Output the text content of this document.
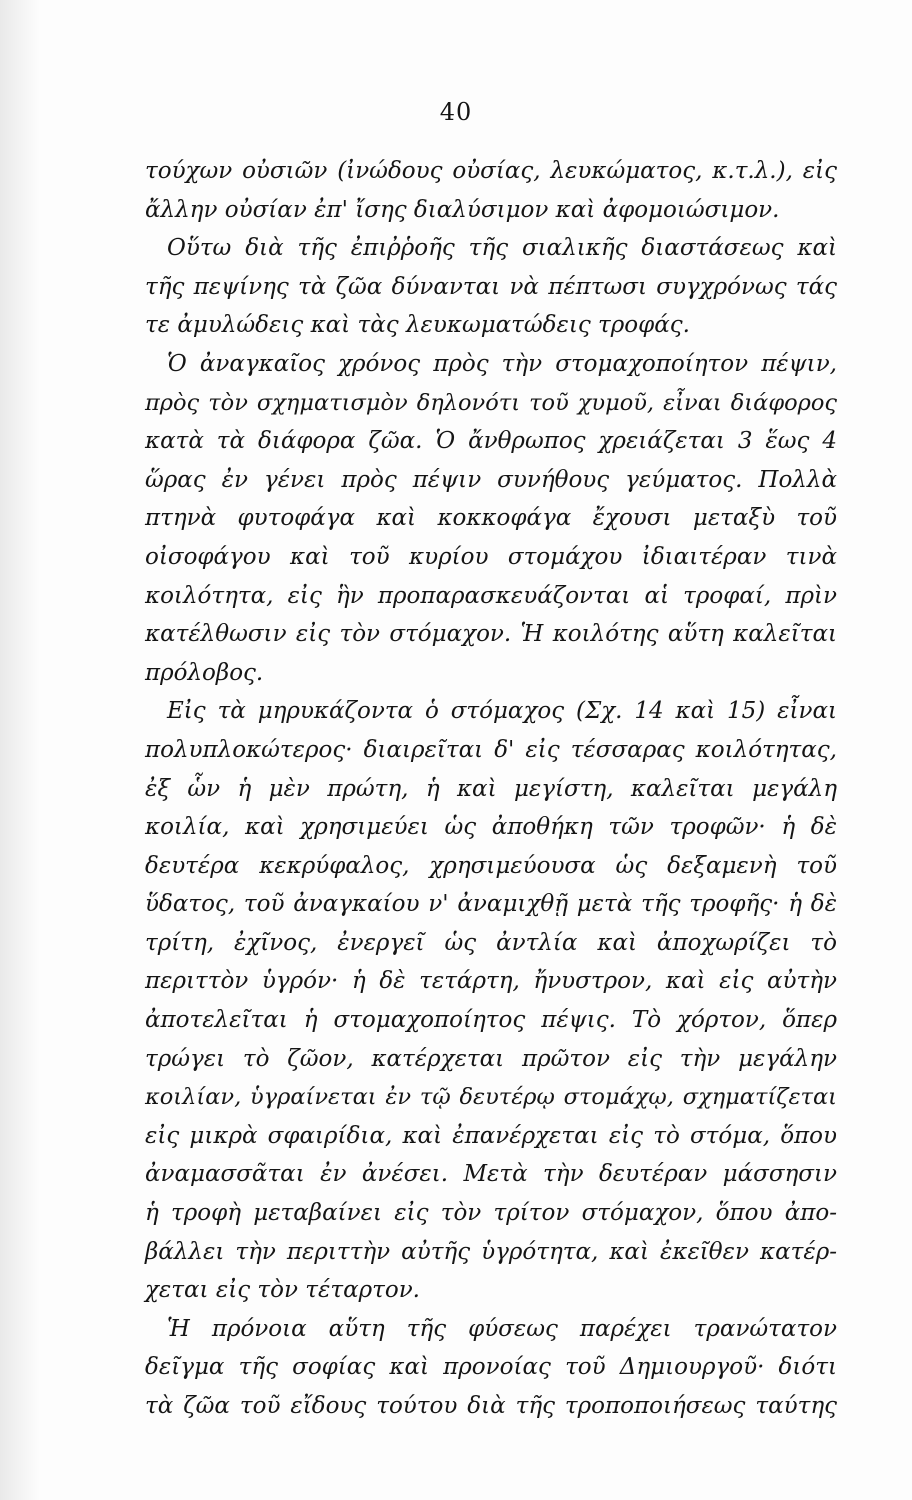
40
τούχων οὐσιῶν (ἰνώδους οὐσίας, λευκώματος, κ.τ.λ.), εἰς
ἄλλην οὐσίαν ἐπ' ἴσης διαλύσιμον καὶ ἀφομοιώσιμον.
Οὕτω διὰ τῆς ἐπιῤῥοῆς τῆς σιαλικῆς διαστάσεως καὶ
τῆς πεψίνης τὰ ζῶα δύνανται νὰ πέπτωσι συγχρόνως τάς
τε ἀμυλώδεις καὶ τὰς λευκωματώδεις τροφάς.
Ὁ ἀναγκαῖος χρόνος πρὸς τὴν στομαχοποίητον πέψιν,
πρὸς τὸν σχηματισμὸν δηλονότι τοῦ χυμοῦ, εἶναι διάφορος
κατὰ τὰ διάφορα ζῶα. Ὁ ἄνθρωπος χρειάζεται 3 ἕως 4
ὥρας ἐν γένει πρὸς πέψιν συνήθους γεύματος. Πολλὰ
πτηνὰ φυτοφάγα καὶ κοκκοφάγα ἔχουσι μεταξὺ τοῦ
οἰσοφάγου καὶ τοῦ κυρίου στομάχου ἰδιαιτέραν τινὰ
κοιλότητα, εἰς ἣν προπαρασκευάζονται αἱ τροφαί, πρὶν
κατέλθωσιν εἰς τὸν στόμαχον. Ἡ κοιλότης αὕτη καλεῖται
πρόλοβος.
Εἰς τὰ μηρυκάζοντα ὁ στόμαχος (Σχ. 14 καὶ 15) εἶναι
πολυπλοκώτερος· διαιρεῖται δ' εἰς τέσσαρας κοιλότητας,
ἐξ ὧν ἡ μὲν πρώτη, ἡ καὶ μεγίστη, καλεῖται μεγάλη
κοιλία, καὶ χρησιμεύει ὡς ἀποθήκη τῶν τροφῶν· ἡ δὲ
δευτέρα κεκρύφαλος, χρησιμεύουσα ὡς δεξαμενὴ τοῦ
ὕδατος, τοῦ ἀναγκαίου ν' ἀναμιχθῇ μετὰ τῆς τροφῆς· ἡ δὲ
τρίτη, ἐχῖνος, ἐνεργεῖ ὡς ἀντλία καὶ ἀποχωρίζει τὸ
περιττὸν ὑγρόν· ἡ δὲ τετάρτη, ἤνυστρον, καὶ εἰς αὐτὴν
ἀποτελεῖται ἡ στομαχοποίητος πέψις. Τὸ χόρτον, ὅπερ
τρώγει τὸ ζῶον, κατέρχεται πρῶτον εἰς τὴν μεγάλην
κοιλίαν, ὑγραίνεται ἐν τῷ δευτέρῳ στομάχῳ, σχηματίζεται
εἰς μικρὰ σφαιρίδια, καὶ ἐπανέρχεται εἰς τὸ στόμα, ὅπου
ἀναμασσᾶται ἐν ἀνέσει. Μετὰ τὴν δευτέραν μάσσησιν
ἡ τροφὴ μεταβαίνει εἰς τὸν τρίτον στόμαχον, ὅπου ἀπο-
βάλλει τὴν περιττὴν αὐτῆς ὑγρότητα, καὶ ἐκεῖθεν κατέρ-
χεται εἰς τὸν τέταρτον.
Ἡ πρόνοια αὕτη τῆς φύσεως παρέχει τρανώτατον
δεῖγμα τῆς σοφίας καὶ προνοίας τοῦ Δημιουργοῦ· διότι
τὰ ζῶα τοῦ εἴδους τούτου διὰ τῆς τροποποιήσεως ταύτης
